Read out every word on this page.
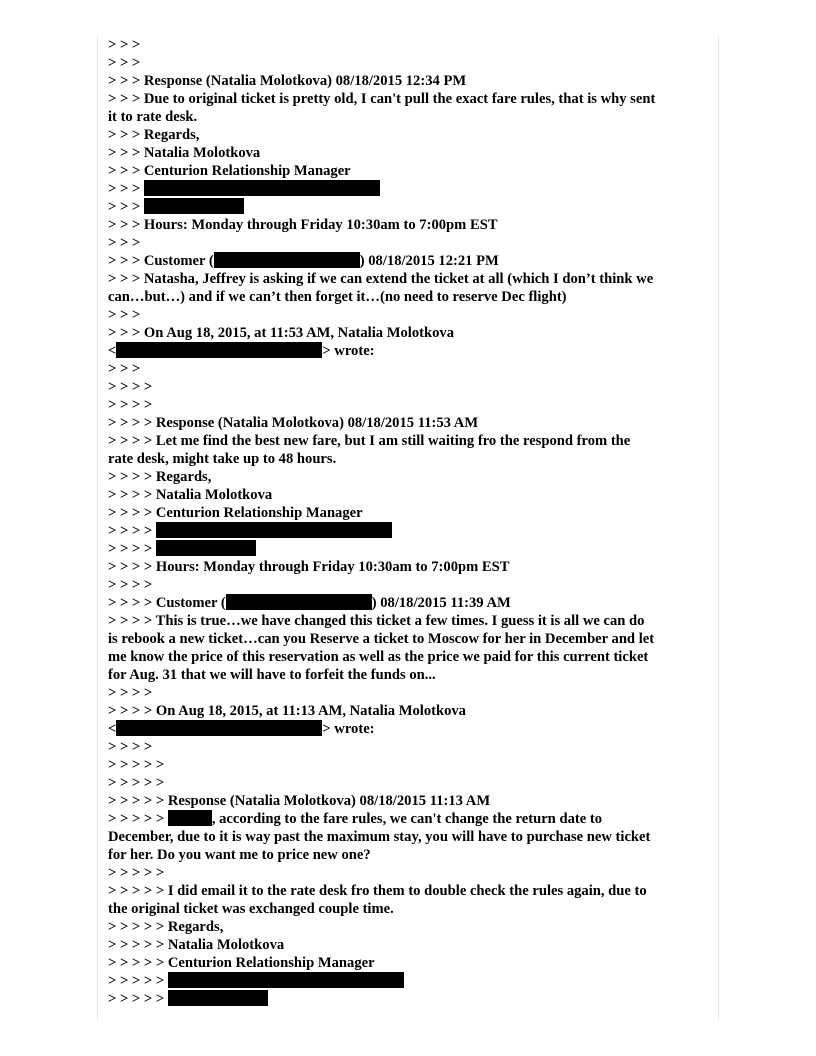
> > >
> > >
> > > Response (Natalia Molotkova) 08/18/2015 12:34 PM
> > > Due to original ticket is pretty old, I can't pull the exact fare rules, that is why sent
it to rate desk.
> > > Regards,
> > > Natalia Molotkova
> > > Centurion Relationship Manager
> > >
> > >
> > > Hours: Monday through Friday 10:30am to 7:00pm EST
> > >
> > > Customer (	) 08/18/2015 12:21 PM
> > > Natasha, Jeffrey is asking if we can extend the ticket at all (which I don’t think we
can…but…) and if we can’t then forget it…(no need to reserve Dec flight)
> > >
> > > On Aug 18, 2015, at 11:53 AM, Natalia Molotkova
<	> wrote:
> > >
> > > >
> > > >
> > > > Response (Natalia Molotkova) 08/18/2015 11:53 AM
> > > > Let me find the best new fare, but I am still waiting fro the respond from the
rate desk, might take up to 48 hours.
> > > > Regards,
> > > > Natalia Molotkova
> > > > Centurion Relationship Manager
> > > >
> > > >
> > > > Hours: Monday through Friday 10:30am to 7:00pm EST
> > > >
> > > > Customer (	) 08/18/2015 11:39 AM
> > > > This is true…we have changed this ticket a few times. I guess it is all we can do
is rebook a new ticket…can you Reserve a ticket to Moscow for her in December and let
me know the price of this reservation as well as the price we paid for this current ticket
for Aug. 31 that we will have to forfeit the funds on...
> > > >
> > > > On Aug 18, 2015, at 11:13 AM, Natalia Molotkova
<	> wrote:
> > > >
> > > > >
> > > > >
> > > > > Response (Natalia Molotkova) 08/18/2015 11:13 AM
> > > > >	, according to the fare rules, we can't change the return date to
December, due to it is way past the maximum stay, you will have to purchase new ticket
for her. Do you want me to price new one?
> > > > >
> > > > > I did email it to the rate desk fro them to double check the rules again, due to
the original ticket was exchanged couple time.
> > > > > Regards,
> > > > > Natalia Molotkova
> > > > > Centurion Relationship Manager
> > > > >
> > > > >
